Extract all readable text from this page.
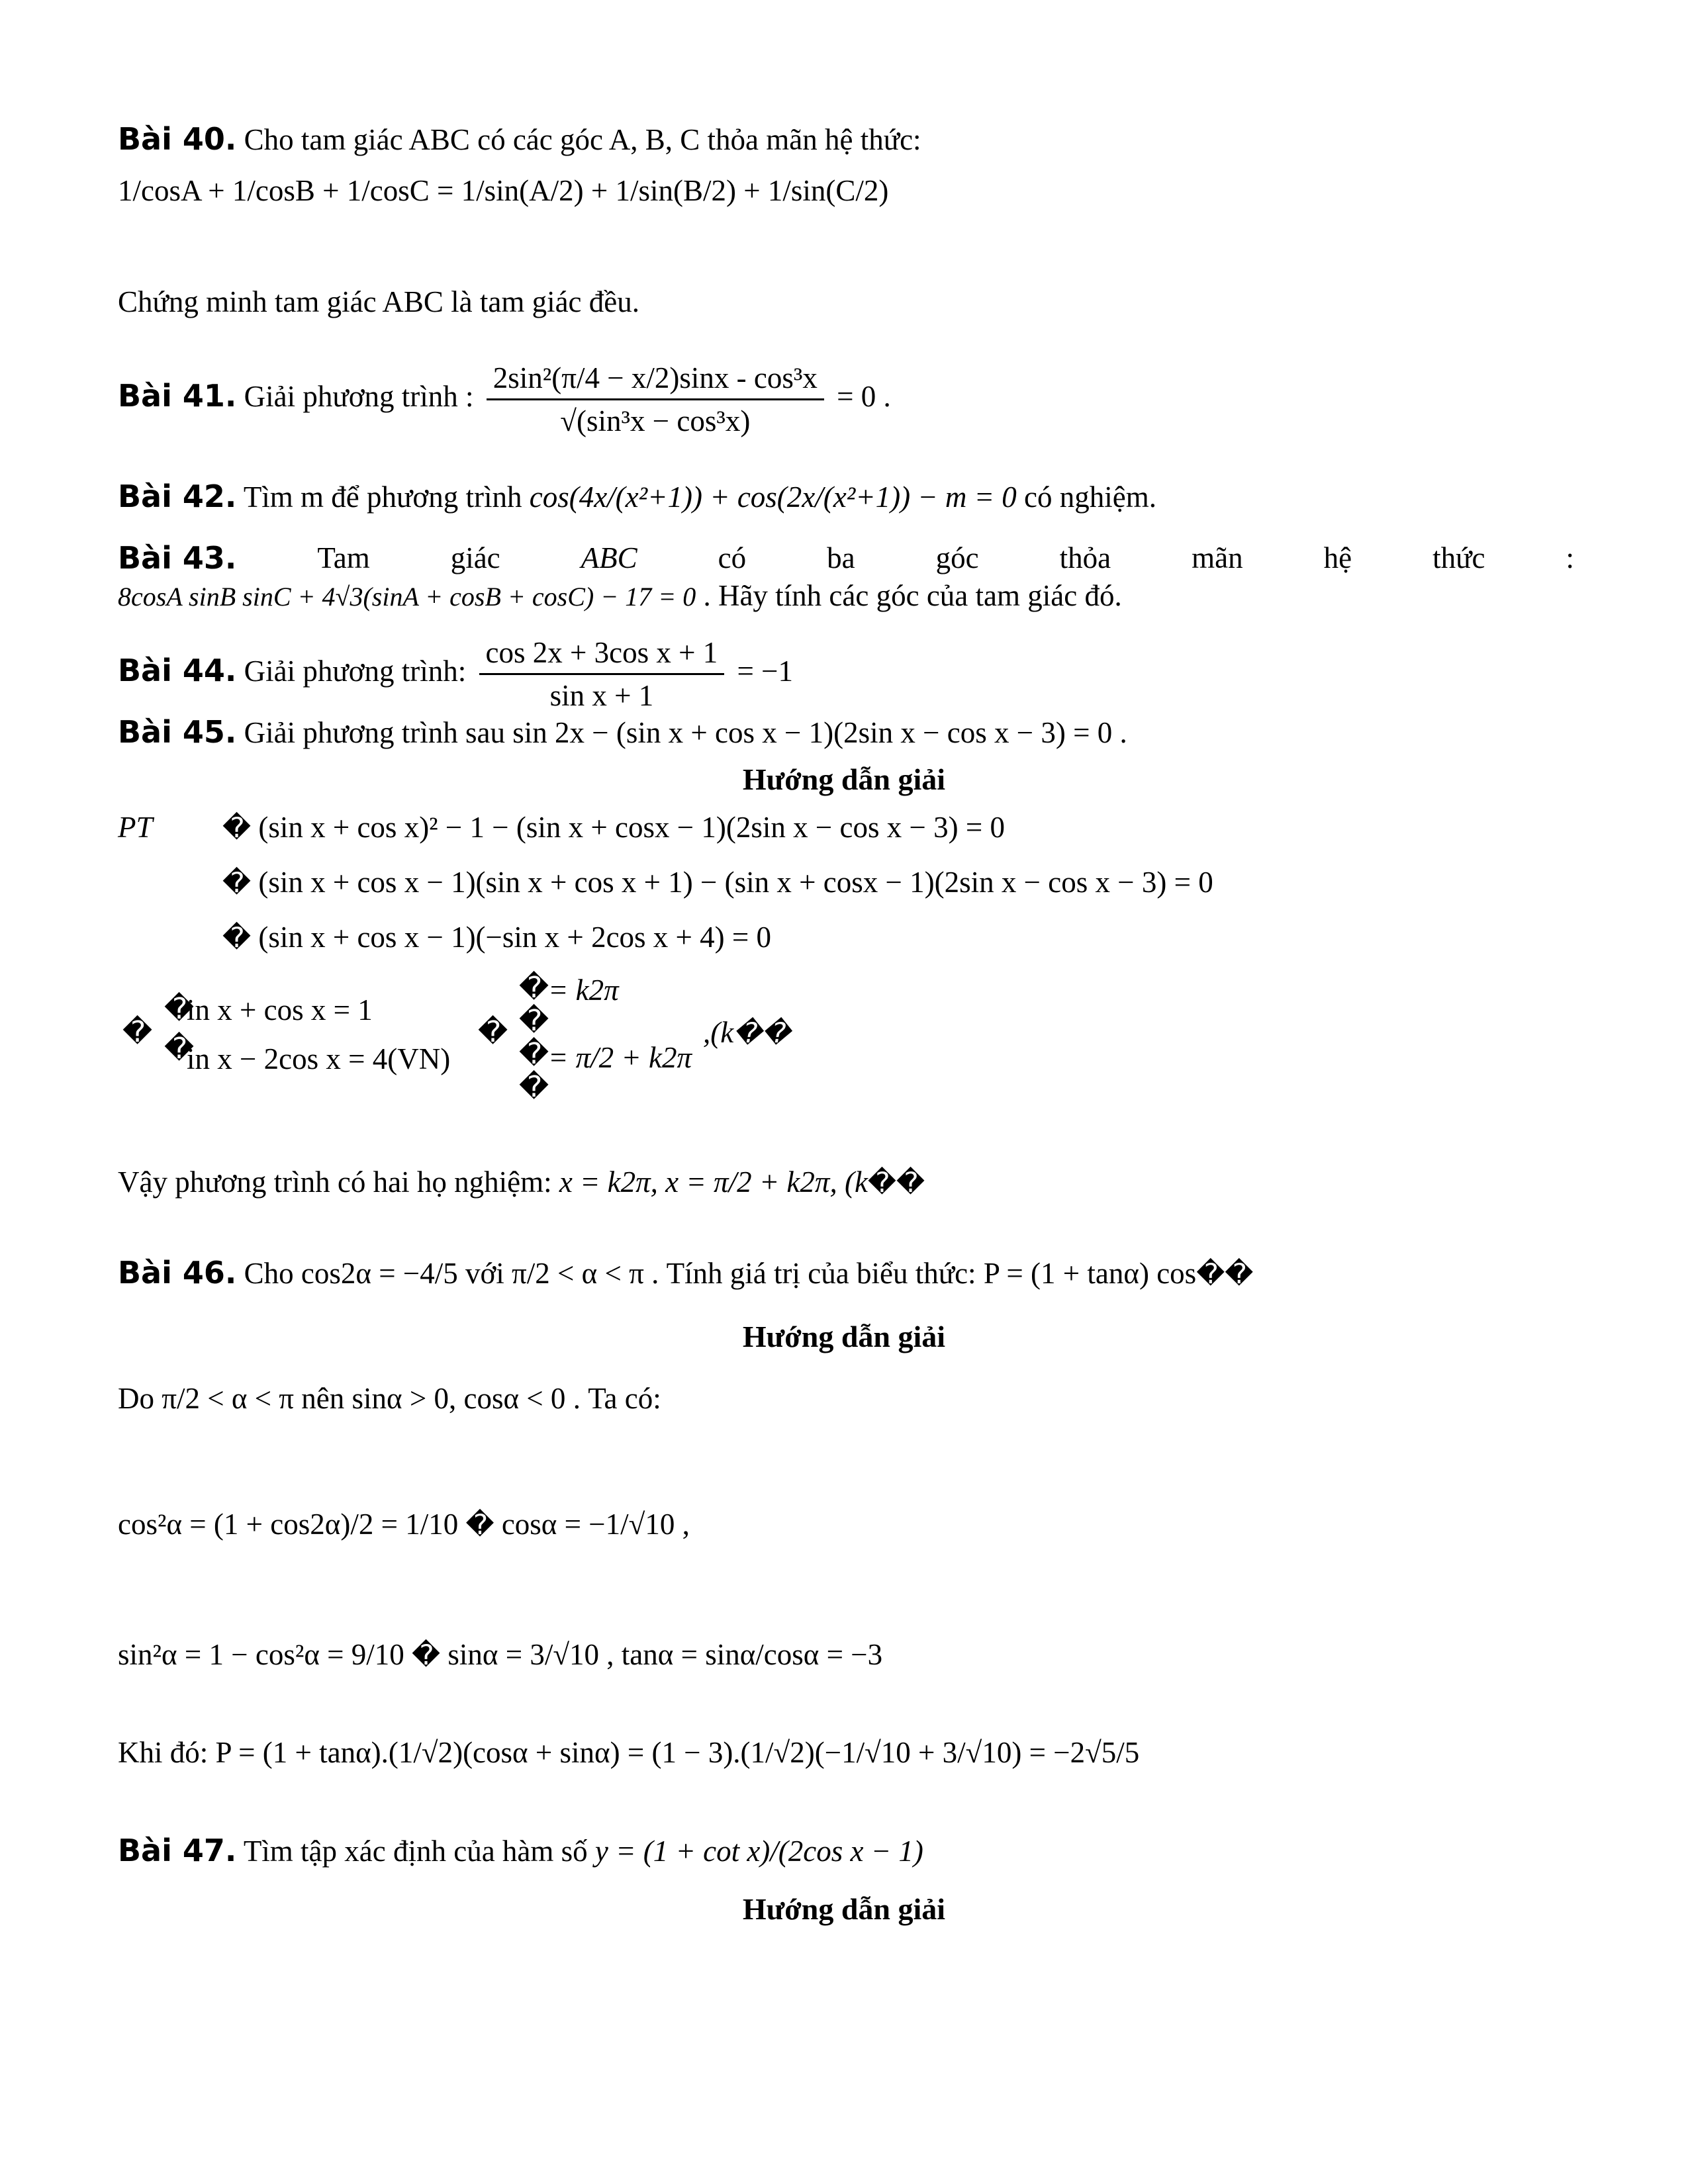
Bài 40. Cho tam giác ABC có các góc A, B, C thỏa mãn hệ thức:
1/cosA + 1/cosB + 1/cosC = 1/sin(A/2) + 1/sin(B/2) + 1/sin(C/2)
Chứng minh tam giác ABC là tam giác đều.
Bài 41. Giải phương trình : $\frac{\text{2sin²(π/4 − x/2)sinx - cos³x}}{\text{√(sin³x − cos³x)}} = 0$ .
Bài 42. Tìm m để phương trình cos(4x/(x²+1)) + cos(2x/(x²+1)) − m = 0 có nghiệm.
Bài 43.	Tam	giác	ABC	có	ba	góc	thỏa	mãn	hệ	thức	:
8cosA sinB sinC + 4√3(sinA + cosB + cosC) − 17 = 0 . Hãy tính các góc của tam giác đó.
Bài 44. Giải phương trình: $\frac{\text{cos 2x + 3cos x + 1}}{\text{sin x + 1}} = -1$
Bài 45. Giải phương trình sau sin 2x − (sin x + cos x − 1)(2sin x − cos x − 3) = 0 .
Hướng dẫn giải
PT	� (sin x + cos x)² − 1 − (sin x + cosx − 1)(2sin x − cos x − 3) = 0
� (sin x + cos x − 1)(sin x + cos x + 1) − (sin x + cosx − 1)(2sin x − cos x − 3) = 0
� (sin x + cos x − 1)(−sin x + 2cos x + 4) = 0
�
�
�
in x + cos x = 1
in x − 2cos x = 4(VN)
�
�
�
�
�
= k2π
= π/2 + k2π
,(k��
Vậy phương trình có hai họ nghiệm: x = k2π, x = π/2 + k2π, (k��
Bài 46. Cho cos2α = −4/5 với π/2 < α < π . Tính giá trị của biểu thức: P = (1 + tanα) cos��
Hướng dẫn giải
Do π/2 < α < π nên sinα > 0, cosα < 0 . Ta có:
cos²α = (1 + cos2α)/2 = 1/10 � cosα = −1/√10 ,
sin²α = 1 − cos²α = 9/10 � sinα = 3/√10 , tanα = sinα/cosα = −3
Khi đó: P = (1 + tanα).(1/√2)(cosα + sinα) = (1 − 3).(1/√2)(−1/√10 + 3/√10) = −2√5/5
Bài 47. Tìm tập xác định của hàm số y = (1 + cot x)/(2cos x − 1)
Hướng dẫn giải
